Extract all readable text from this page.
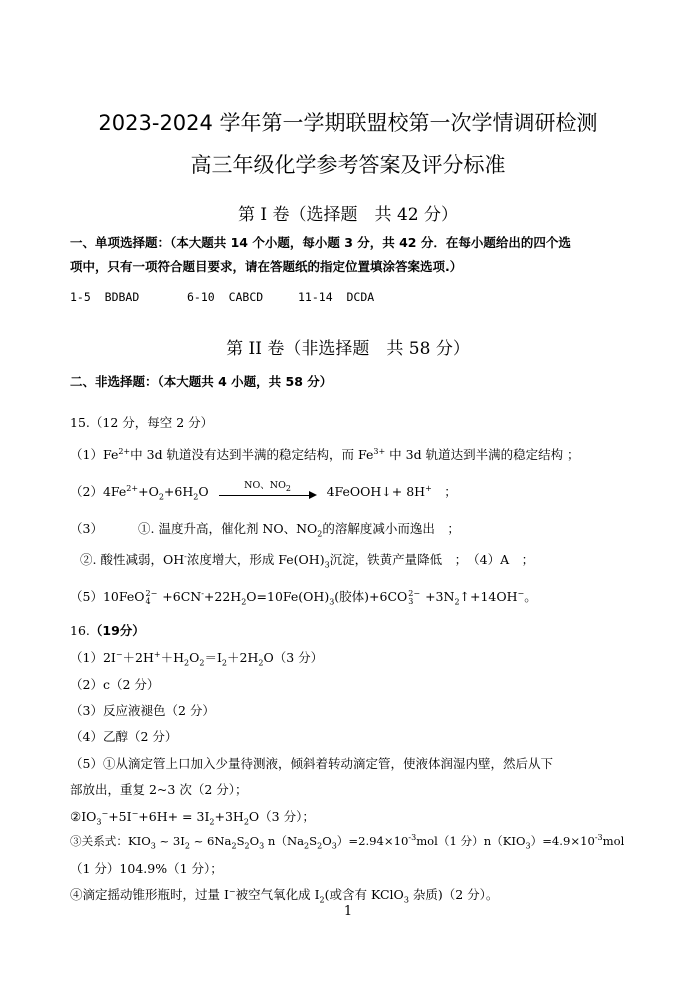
2023-2024 学年第一学期联盟校第一次学情调研检测
高三年级化学参考答案及评分标准
第 I 卷（选择题　共 42 分）
一、单项选择题：（本大题共 14 个小题，每小题 3 分，共 42 分．在每小题给出的四个选
项中，只有一项符合题目要求，请在答题纸的指定位置填涂答案选项.）
1-5 BDBAD	6-10 CABCD	11-14 DCDA
第 II 卷（非选择题　共 58 分）
二、非选择题：（本大题共 4 小题，共 58 分）
15.（12 分，每空 2 分）
$(1)Fe^{2+}$中 3d 轨道没有达到半满的稳定结构，而 $Fe^{3+}$ 中 3d 轨道达到半满的稳定结构 ；
$(2)4Fe^{2+}+O_2+6H_2O$	NO、$NO_2$	4FeOOH↓+ 8H+　；
（3）	①. 温度升高，催化剂 NO、$NO_2$的溶解度减小而逸出　；
②. 酸性减弱，OH-浓度增大，形成 $Fe(OH)_3$沉淀，铁黄产量降低　；　（4）A　；
（5）10FeO2−
$4 +6CN^-+22H_2O=10Fe(OH)_3$(胶体)+6CO2−
$3 +3N_2↑+14OH^-$。
16.（19分）
$(1)2I^-+2H^++H_2O_2=I_2+2H_2O(3$ 分）
（2）c（2 分）
（3）反应液褪色（2 分）
（4）乙醇（2 分）
（5）①从滴定管上口加入少量待测液，倾斜着转动滴定管，使液体润湿内壁，然后从下
部放出，重复 2~3 次（2 分）；
$②IO_3^-+5I^-+6H+ = 3I_2+3H_2O(3$ 分）；
③关系式：$KIO_3$ ~ $3I_2$ ~ $6Na_2S_2O_3$ $n(Na_2S_2O_3)=2.94\times 10^{-3}mol(1$ 分）$n(KIO_3)=4.9\times 10^{-3}mol$
（1 分）104.9%（1 分）；
④滴定摇动锥形瓶时，过量 I−被空气氧化成 $I_2$(或含有 KClO$_3$ 杂质)（2 分）。
1
